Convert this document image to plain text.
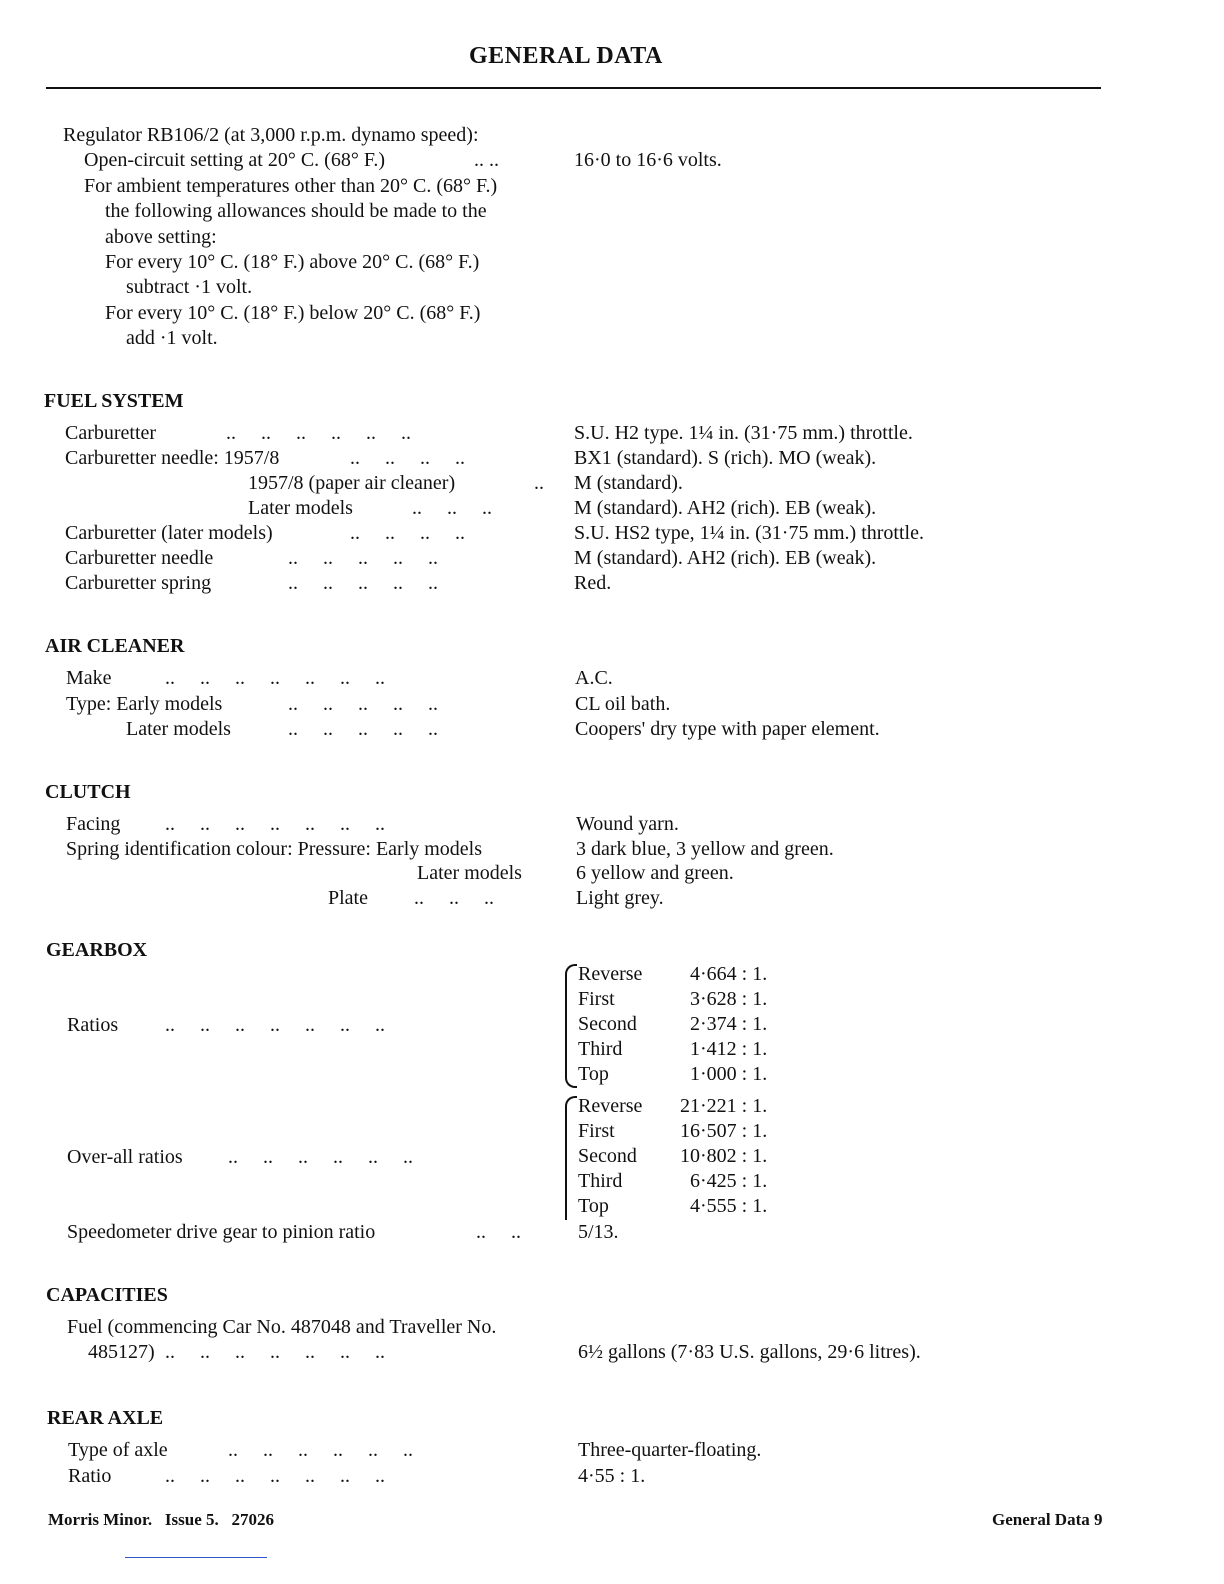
GENERAL DATA
Regulator RB106/2 (at 3,000 r.p.m. dynamo speed):
Open-circuit setting at 20° C. (68° F.)	.. ..	16·0 to 16·6 volts.
For ambient temperatures other than 20° C. (68° F.)
the following allowances should be made to the
above setting:
For every 10° C. (18° F.) above 20° C. (68° F.)
subtract ·1 volt.
For every 10° C. (18° F.) below 20° C. (68° F.)
add ·1 volt.
FUEL SYSTEM
Carburetter	..     ..     ..     ..     ..     ..	S.U. H2 type. 1¼ in. (31·75 mm.) throttle.
Carburetter needle: 1957/8	..     ..     ..     ..	BX1 (standard). S (rich). MO (weak).
1957/8 (paper air cleaner)	.. M (standard).
Later models	..     ..     ..	M (standard). AH2 (rich). EB (weak).
Carburetter (later models)	..     ..     ..     ..	S.U. HS2 type, 1¼ in. (31·75 mm.) throttle.
Carburetter needle	..     ..     ..     ..     ..	M (standard). AH2 (rich). EB (weak).
Carburetter spring	..     ..     ..     ..     ..	Red.
AIR CLEANER
Make	..     ..     ..     ..     ..     ..     ..	A.C.
Type: Early models	..     ..     ..     ..     ..	CL oil bath.
Later models	..     ..     ..     ..     ..	Coopers' dry type with paper element.
CLUTCH
Facing ..     ..     ..     ..     ..     ..     ..	Wound yarn.
Spring identification colour: Pressure: Early models	3 dark blue, 3 yellow and green.
Later models	6 yellow and green.
Plate ..     ..     ..	Light grey.
GEARBOX
Ratios ..     ..     ..     ..     ..     ..     ..
Reverse 4·664 : 1.
First	3·628 : 1.
Second	2·374 : 1.
Third	1·412 : 1.
Top	1·000 : 1.
Over-all ratios ..     ..     ..     ..     ..     ..
Reverse 21·221 : 1.
First	16·507 : 1.
Second 10·802 : 1.
Third	6·425 : 1.
Top	4·555 : 1.
Speedometer drive gear to pinion ratio	..     ..	5/13.
CAPACITIES
Fuel (commencing Car No. 487048 and Traveller No.
485127) ..     ..     ..     ..     ..     ..     ..	6½ gallons (7·83 U.S. gallons, 29·6 litres).
REAR AXLE
Type of axle	..     ..     ..     ..     ..     ..	Three-quarter-floating.
Ratio	..     ..     ..     ..     ..     ..     ..	4·55 : 1.
Morris Minor.   Issue 5.   27026	General Data 9
